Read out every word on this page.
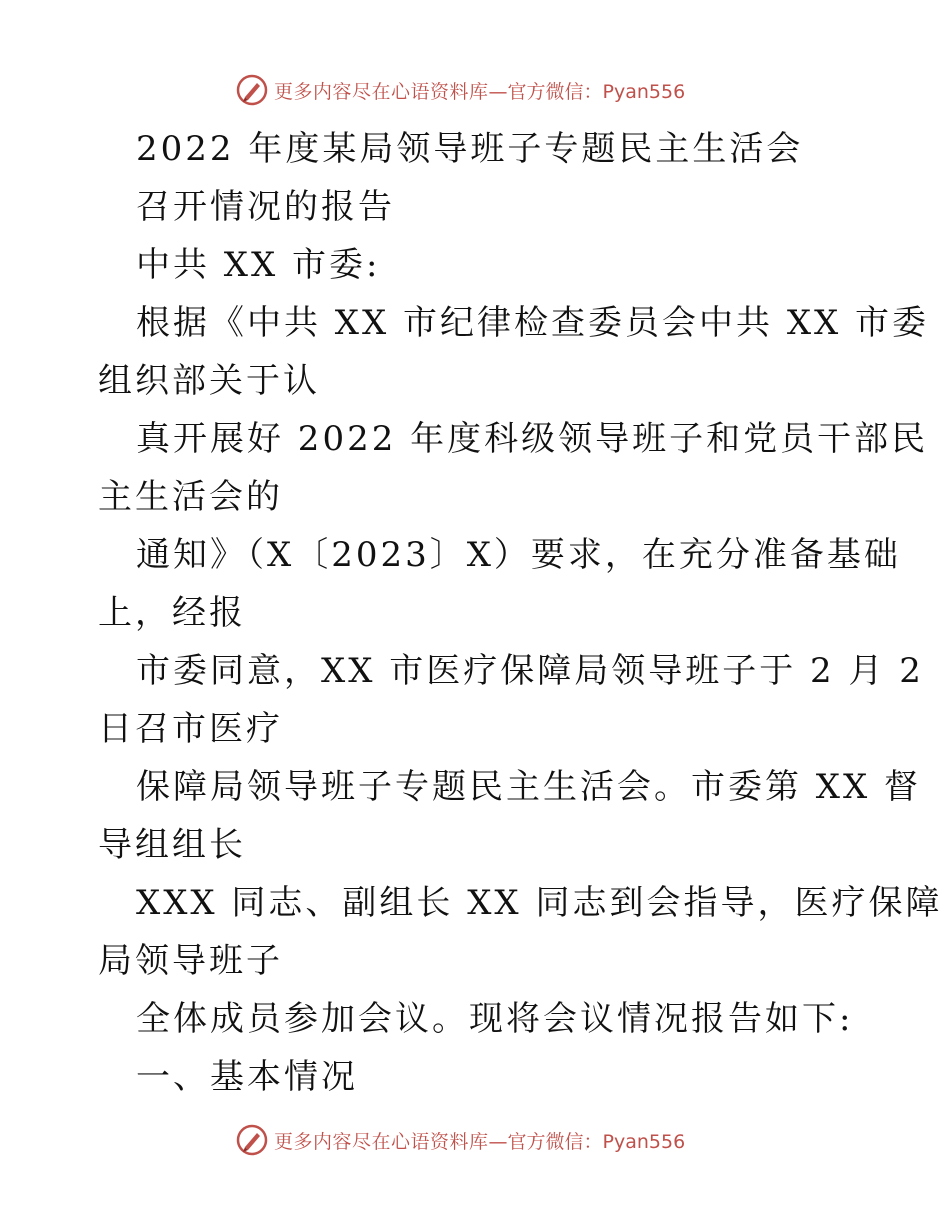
更多内容尽在心语资料库 —官方微信：Pyan556
2022 年度某局领导班子专题民主生活会
召开情况的报告
中共 XX 市委:
根据《中共 XX 市纪律检查委员会中共 XX 市委
组织部关于认
真开展好 2022 年度科级领导班子和党员干部民
主生活会的
通知》（X〔2023〕X）要求，在充分准备基础
上，经报
市委同意，XX 市医疗保障局领导班子于 2 月 2
日召市医疗
保障局领导班子专题民主生活会。市委第 XX 督
导组组长
XXX 同志、副组长 XX 同志到会指导，医疗保障
局领导班子
全体成员参加会议。现将会议情况报告如下:
一、基本情况
更多内容尽在心语资料库 —官方微信：Pyan556
